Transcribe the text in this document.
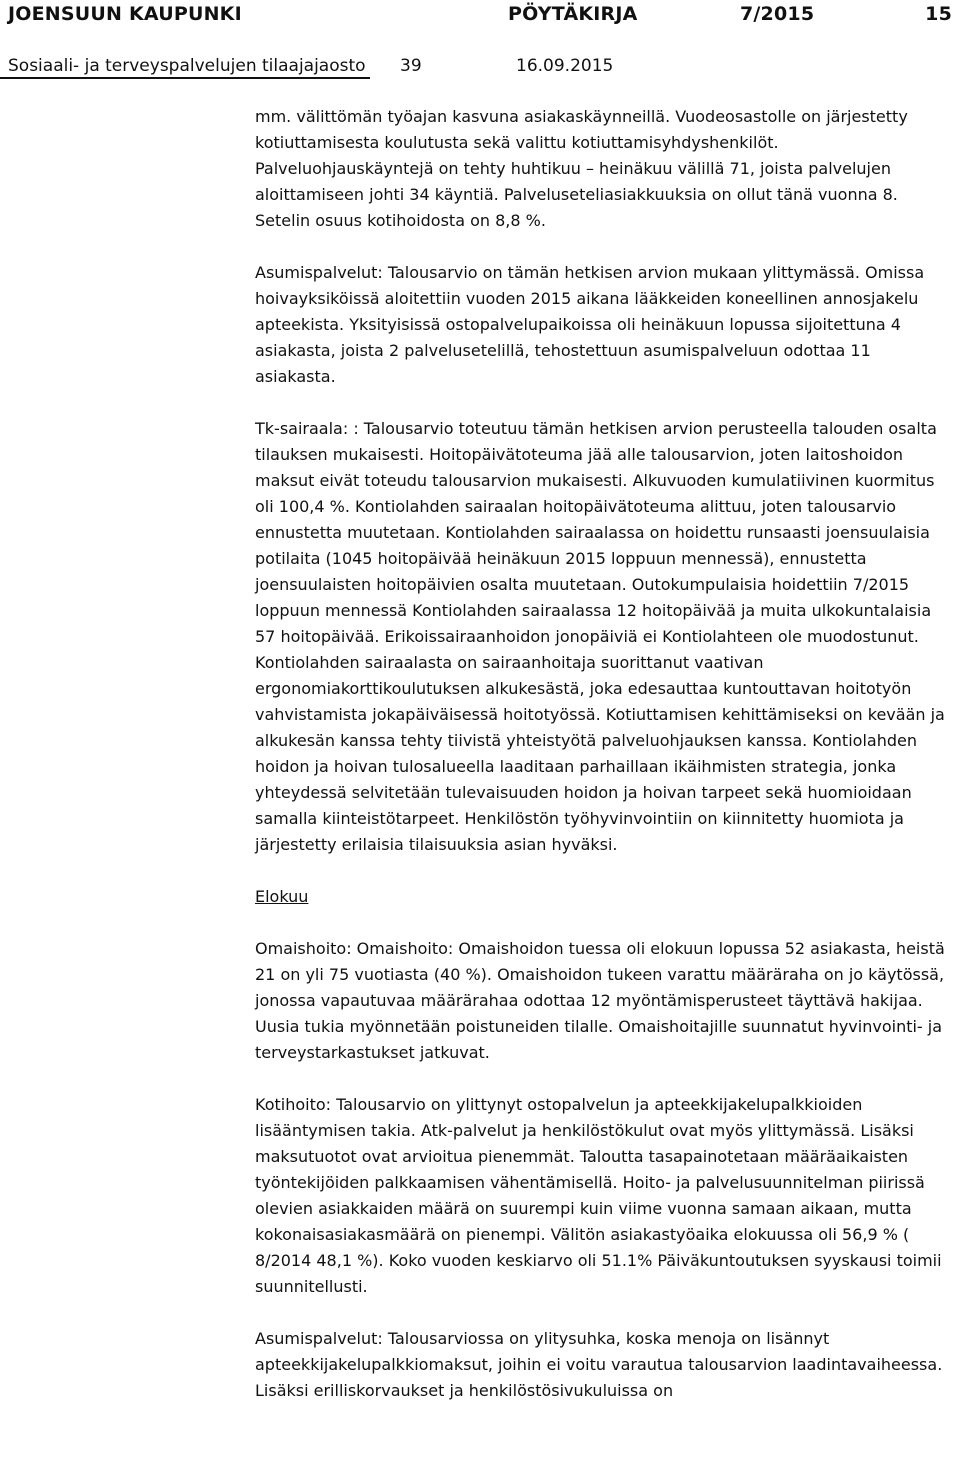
JOENSUUN KAUPUNKI	PÖYTÄKIRJA	7/2015	15
Sosiaali- ja terveyspalvelujen tilaajajaosto 39	16.09.2015

mm. välittömän työajan kasvuna asiakaskäynneillä. Vuodeosastolle on järjestetty kotiuttamisesta koulutusta sekä valittu kotiuttamisyhdyshenkilöt. Palveluohjauskäyntejä on tehty huhtikuu – heinäkuu välillä 71, joista palvelujen aloittamiseen johti 34 käyntiä. Palveluseteliasiakkuuksia on ollut tänä vuonna 8. Setelin osuus kotihoidosta on 8,8 %.

Asumispalvelut: Talousarvio on tämän hetkisen arvion mukaan ylittymässä. Omissa hoivayksiköissä aloitettiin vuoden 2015 aikana lääkkeiden koneellinen annosjakelu apteekista. Yksityisissä ostopalvelupaikoissa oli heinäkuun lopussa sijoitettuna 4 asiakasta, joista 2 palvelusetelillä, tehostettuun asumispalveluun odottaa 11 asiakasta.

Tk-sairaala: : Talousarvio toteutuu tämän hetkisen arvion perusteella talouden osalta tilauksen mukaisesti. Hoitopäivätoteuma jää alle talousarvion, joten laitoshoidon maksut eivät toteudu talousarvion mukaisesti. Alkuvuoden kumulatiivinen kuormitus oli 100,4 %. Kontiolahden sairaalan hoitopäivätoteuma alittuu, joten talousarvio ennustetta muutetaan. Kontiolahden sairaalassa on hoidettu runsaasti joensuulaisia potilaita (1045 hoitopäivää heinäkuun 2015 loppuun mennessä), ennustetta joensuulaisten hoitopäivien osalta muutetaan. Outokumpulaisia hoidettiin 7/2015 loppuun mennessä Kontiolahden sairaalassa 12 hoitopäivää ja muita ulkokuntalaisia 57 hoitopäivää. Erikoissairaanhoidon jonopäiviä ei Kontiolahteen ole muodostunut. Kontiolahden sairaalasta on sairaanhoitaja suorittanut vaativan ergonomiakorttikoulutuksen alkukesästä, joka edesauttaa kuntouttavan hoitotyön vahvistamista jokapäiväisessä hoitotyössä. Kotiuttamisen kehittämiseksi on kevään ja alkukesän kanssa tehty tiivistä yhteistyötä palveluohjauksen kanssa. Kontiolahden hoidon ja hoivan tulosalueella laaditaan parhaillaan ikäihmisten strategia, jonka yhteydessä selvitetään tulevaisuuden hoidon ja hoivan tarpeet sekä huomioidaan samalla kiinteistötarpeet. Henkilöstön työhyvinvointiin on kiinnitetty huomiota ja järjestetty erilaisia tilaisuuksia asian hyväksi.

Elokuu

Omaishoito: Omaishoito: Omaishoidon tuessa oli elokuun lopussa 52 asiakasta, heistä 21 on yli 75 vuotiasta (40 %). Omaishoidon tukeen varattu määräraha on jo käytössä, jonossa vapautuvaa määrärahaa odottaa 12 myöntämisperusteet täyttävä hakijaa. Uusia tukia myönnetään poistuneiden tilalle. Omaishoitajille suunnatut hyvinvointi- ja terveystarkastukset jatkuvat.

Kotihoito: Talousarvio on ylittynyt ostopalvelun ja apteekkijakelupalkkioiden lisääntymisen takia. Atk-palvelut ja henkilöstökulut ovat myös ylittymässä. Lisäksi maksutuotot ovat arvioitua pienemmät. Taloutta tasapainotetaan määräaikaisten työntekijöiden palkkaamisen vähentämisellä. Hoito- ja palvelusuunnitelman piirissä olevien asiakkaiden määrä on suurempi kuin viime vuonna samaan aikaan, mutta kokonaisasiakasmäärä on pienempi. Välitön asiakastyöaika elokuussa oli 56,9 % ( 8/2014 48,1 %). Koko vuoden keskiarvo oli 51.1% Päiväkuntoutuksen syyskausi toimii suunnitellusti.

Asumispalvelut: Talousarviossa on ylitysuhka, koska menoja on lisännyt apteekkijakelupalkkiomaksut, joihin ei voitu varautua talousarvion laadintavaiheessa. Lisäksi erilliskorvaukset ja henkilöstösivukuluissa on
